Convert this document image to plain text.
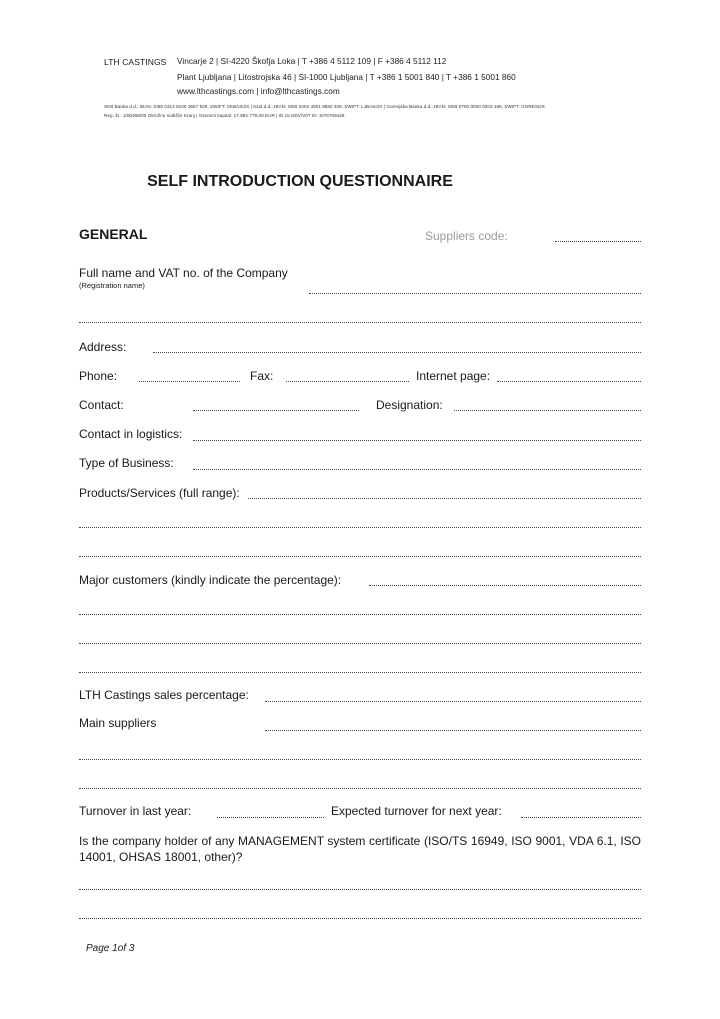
LTH CASTINGS Vincarje 2 | SI-4220 Škofja Loka | T +386 4 5112 109 | F +386 4 5112 112
Plant Ljubljana | Litostrojska 46 | SI-1000 Ljubljana | T +386 1 5001 840 | T +386 1 5001 860
www.lthcastings.com | info@lthcastings.com
SKB Banka d.d.; IBAN: SI56 0313 8100 3687 529, SWIFT: SKBASI2X | NLB d.d.; IBAN: SI56 0202 4001 8580 406, SWIFT: LJBASI2X | Gorenjska Banka d.d.; IBAN: SI56 0700 0000 0203 196, SWIFT: GORESI2X
Reg. št.: 1/00368/00 Okrožno sodišče Kranj | Osnovni kapital: 17.892.779,00 EUR | ID za DDV/VAT ID: SI76709426
SELF INTRODUCTION QUESTIONNAIRE
GENERAL	Suppliers code:
Full name and VAT no. of the Company
(Registration name)
Address:
Phone:	Fax:	Internet page:
Contact:	Designation:
Contact in logistics:
Type of Business:
Products/Services (full range):
Major customers (kindly indicate the percentage):
LTH Castings sales percentage:
Main suppliers
Turnover in last year:	Expected turnover for next year:
Is the company holder of any MANAGEMENT system certificate (ISO/TS 16949, ISO 9001, VDA 6.1, ISO 14001, OHSAS 18001, other)?
Page 1of 3
